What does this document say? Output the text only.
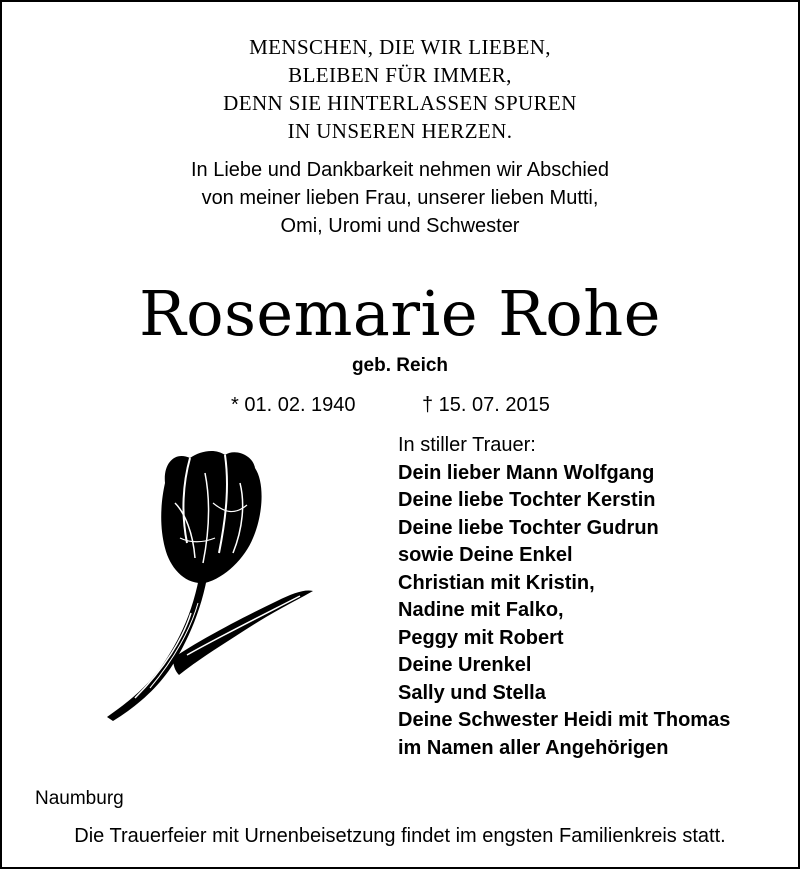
MENSCHEN, DIE WIR LIEBEN,
BLEIBEN FÜR IMMER,
DENN SIE HINTERLASSEN SPUREN
IN UNSEREN HERZEN.
In Liebe und Dankbarkeit nehmen wir Abschied
von meiner lieben Frau, unserer lieben Mutti,
Omi, Uromi und Schwester
Rosemarie Rohe
geb. Reich
* 01. 02. 1940	† 15. 07. 2015
In stiller Trauer:
Dein lieber Mann Wolfgang
Deine liebe Tochter Kerstin
Deine liebe Tochter Gudrun
sowie Deine Enkel
Christian mit Kristin,
Nadine mit Falko,
Peggy mit Robert
Deine Urenkel
Sally und Stella
Deine Schwester Heidi mit Thomas
im Namen aller Angehörigen
Naumburg
Die Trauerfeier mit Urnenbeisetzung findet im engsten Familienkreis statt.
